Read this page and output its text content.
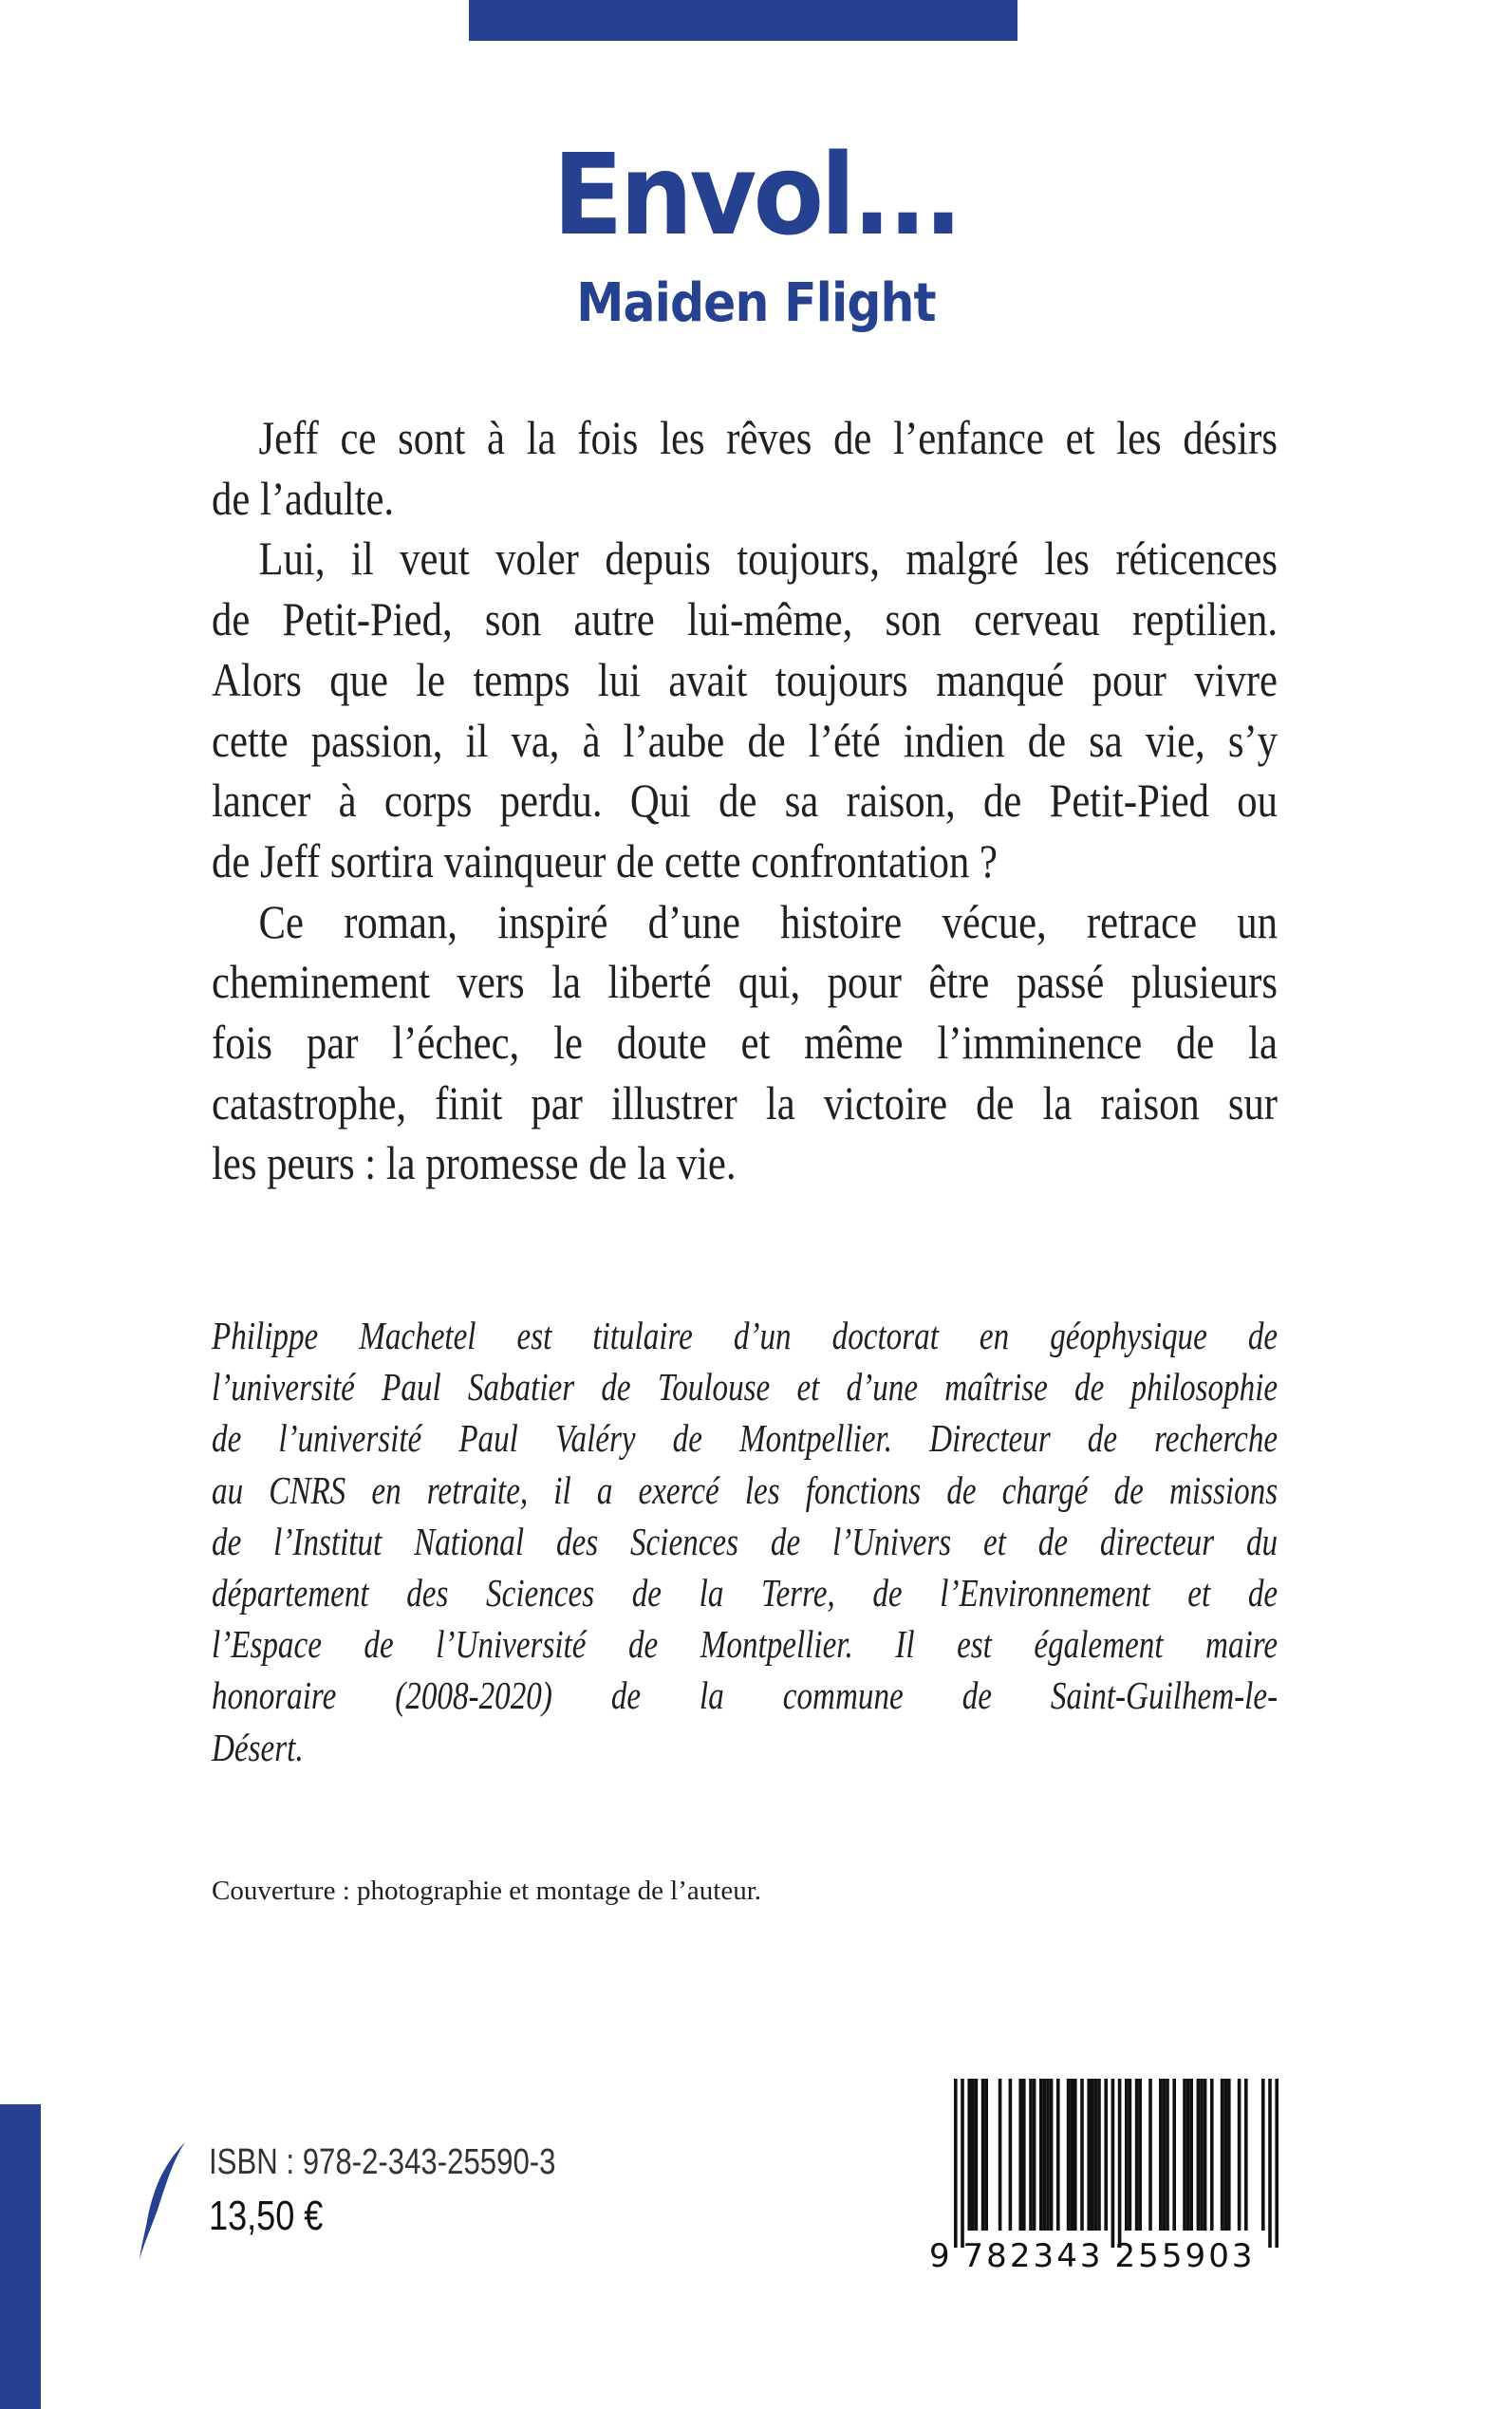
Envol...
Maiden Flight
Jeff ce sont à la fois les rêves de l’enfance et les désirs
de l’adulte.
Lui, il veut voler depuis toujours, malgré les réticences
de Petit-Pied, son autre lui-même, son cerveau reptilien.
Alors que le temps lui avait toujours manqué pour vivre
cette passion, il va, à l’aube de l’été indien de sa vie, s’y
lancer à corps perdu. Qui de sa raison, de Petit-Pied ou
de Jeff sortira vainqueur de cette confrontation ?
Ce roman, inspiré d’une histoire vécue, retrace un
cheminement vers la liberté qui, pour être passé plusieurs
fois par l’échec, le doute et même l’imminence de la
catastrophe, finit par illustrer la victoire de la raison sur
les peurs : la promesse de la vie.
Philippe Machetel est titulaire d’un doctorat en géophysique de
l’université Paul Sabatier de Toulouse et d’une maîtrise de philosophie
de l’université Paul Valéry de Montpellier. Directeur de recherche
au CNRS en retraite, il a exercé les fonctions de chargé de missions
de l’Institut National des Sciences de l’Univers et de directeur du
département des Sciences de la Terre, de l’Environnement et de
l’Espace de l’Université de Montpellier. Il est également maire
honoraire (2008-2020) de la commune de Saint-Guilhem-le-
Désert.
Couverture : photographie et montage de l’auteur.
ISBN : 978-2-343-25590-3
13,50 €
9 782343 255903
